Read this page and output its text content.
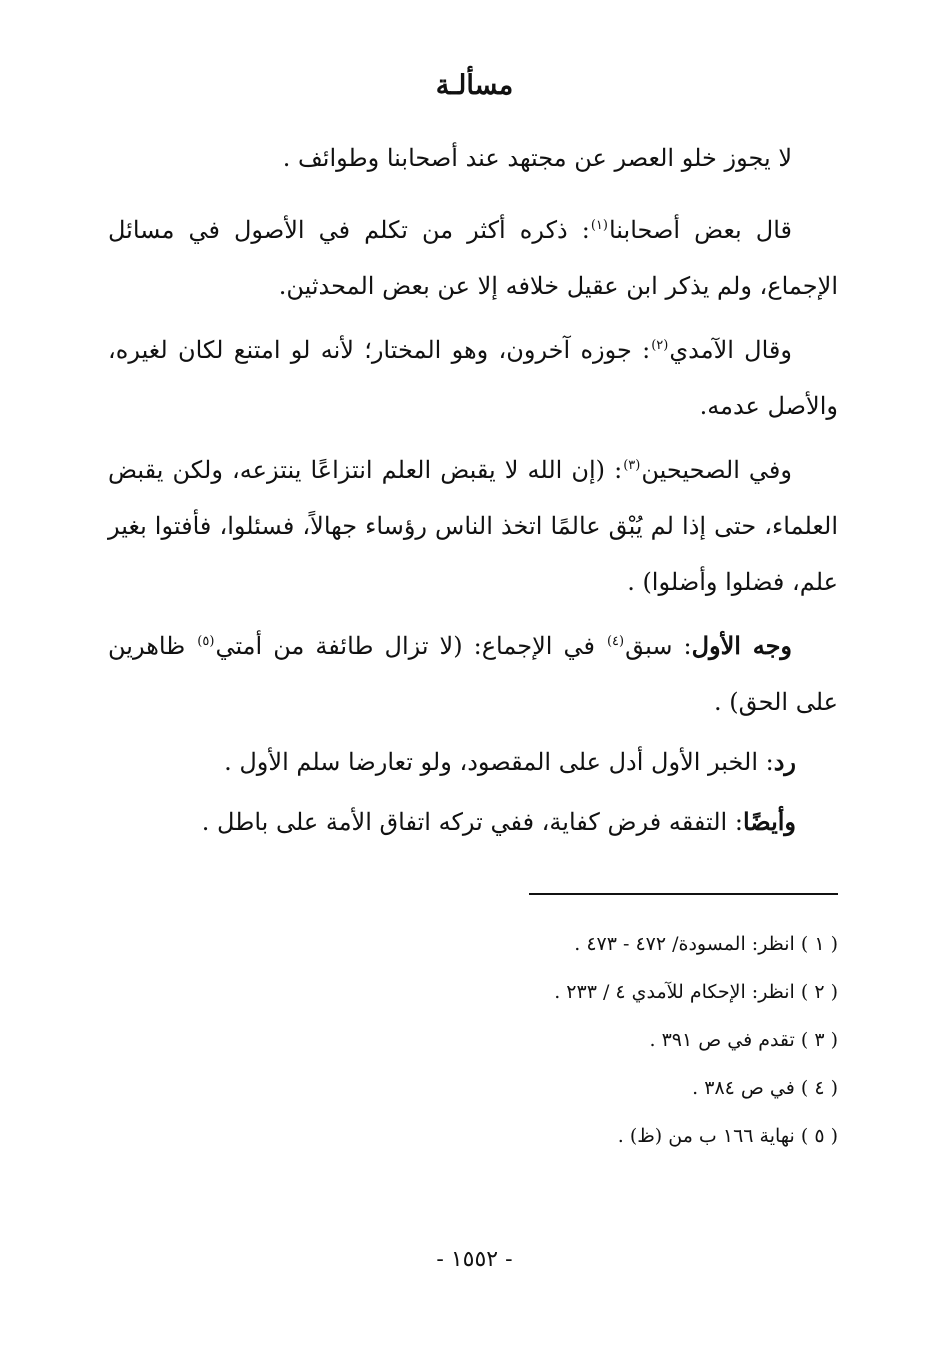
مسألـة

لا يجوز خلو العصر عن مجتهد عند أصحابنا وطوائف .

قال بعض أصحابنا$^{(١)}$: ذكره أكثر من تكلم في الأصول في مسائل الإجماع، ولم يذكر ابن عقيل خلافه إلا عن بعض المحدثين.

وقال الآمدي$^{(٢)}$: جوزه آخرون، وهو المختار؛ لأنه لو امتنع لكان لغيره، والأصل عدمه.

وفي الصحيحين$^{(٣)}$: (إن الله لا يقبض العلم انتزاعًا ينتزعه، ولكن يقبض العلماء، حتى إذا لم يُبْق عالمًا اتخذ الناس رؤساء جهالاً، فسئلوا، فأفتوا بغير علم، فضلوا وأضلوا) .

وجه الأول: سبق$^{(٤)}$ في الإجماع: (لا تزال طائفة من أمتي$^{(٥)}$ ظاهرين على الحق) .

رد: الخبر الأول أدل على المقصود، ولو تعارضا سلم الأول .

وأيضًا: التفقه فرض كفاية، ففي تركه اتفاق الأمة على باطل .

( ١ ) انظر: المسودة/ ٤٧٢ - ٤٧٣ .

( ٢ ) انظر: الإحكام للآمدي ٤ / ٢٣٣ .

( ٣ ) تقدم في ص ٣٩١ .

( ٤ ) في ص ٣٨٤ .

( ٥ ) نهاية ١٦٦ ب من (ظ) .

- ١٥٥٢ -
